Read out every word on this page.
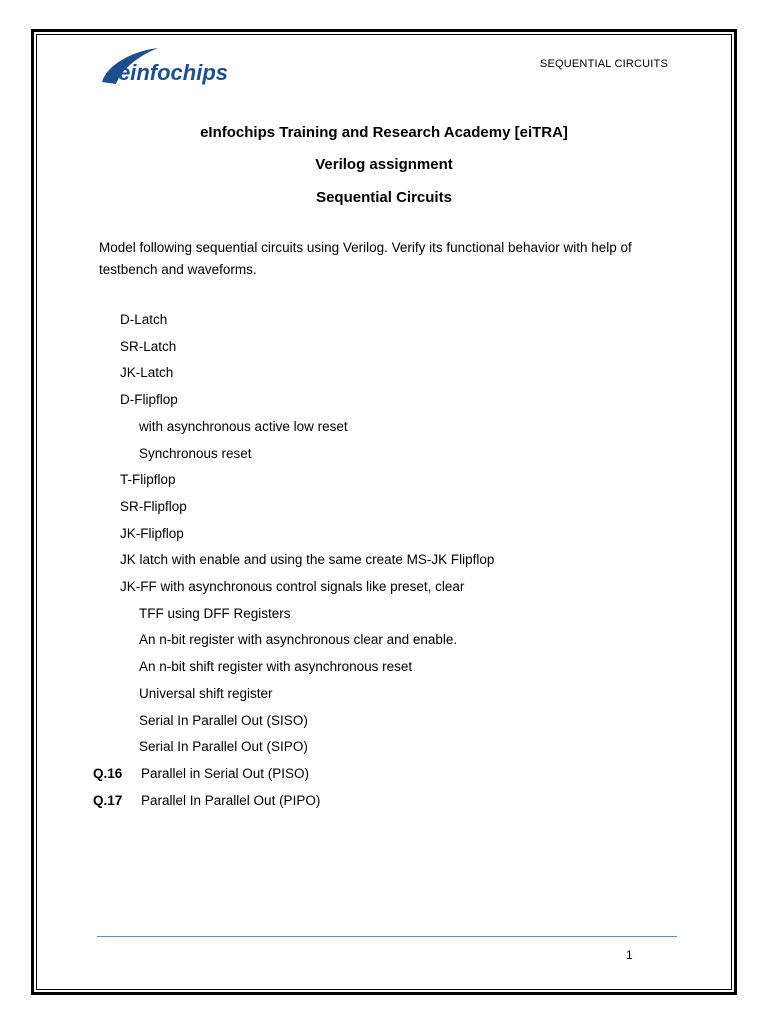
einfochips	SEQUENTIAL CIRCUITS
eInfochips Training and Research Academy [eiTRA]
Verilog assignment
Sequential Circuits
Model following sequential circuits using Verilog. Verify its functional behavior with help of testbench and waveforms.
D-Latch
SR-Latch
JK-Latch
D-Flipflop
with asynchronous active low reset
Synchronous reset
T-Flipflop
SR-Flipflop
JK-Flipflop
JK latch with enable and using the same create MS-JK Flipflop
JK-FF with asynchronous control signals like preset, clear
TFF using DFF Registers
An n-bit register with asynchronous clear and enable.
An n-bit shift register with asynchronous reset
Universal shift register
Serial In Parallel Out (SISO)
Serial In Parallel Out (SIPO)
Q.16 Parallel in Serial Out (PISO)
Q.17 Parallel In Parallel Out (PIPO)
1
